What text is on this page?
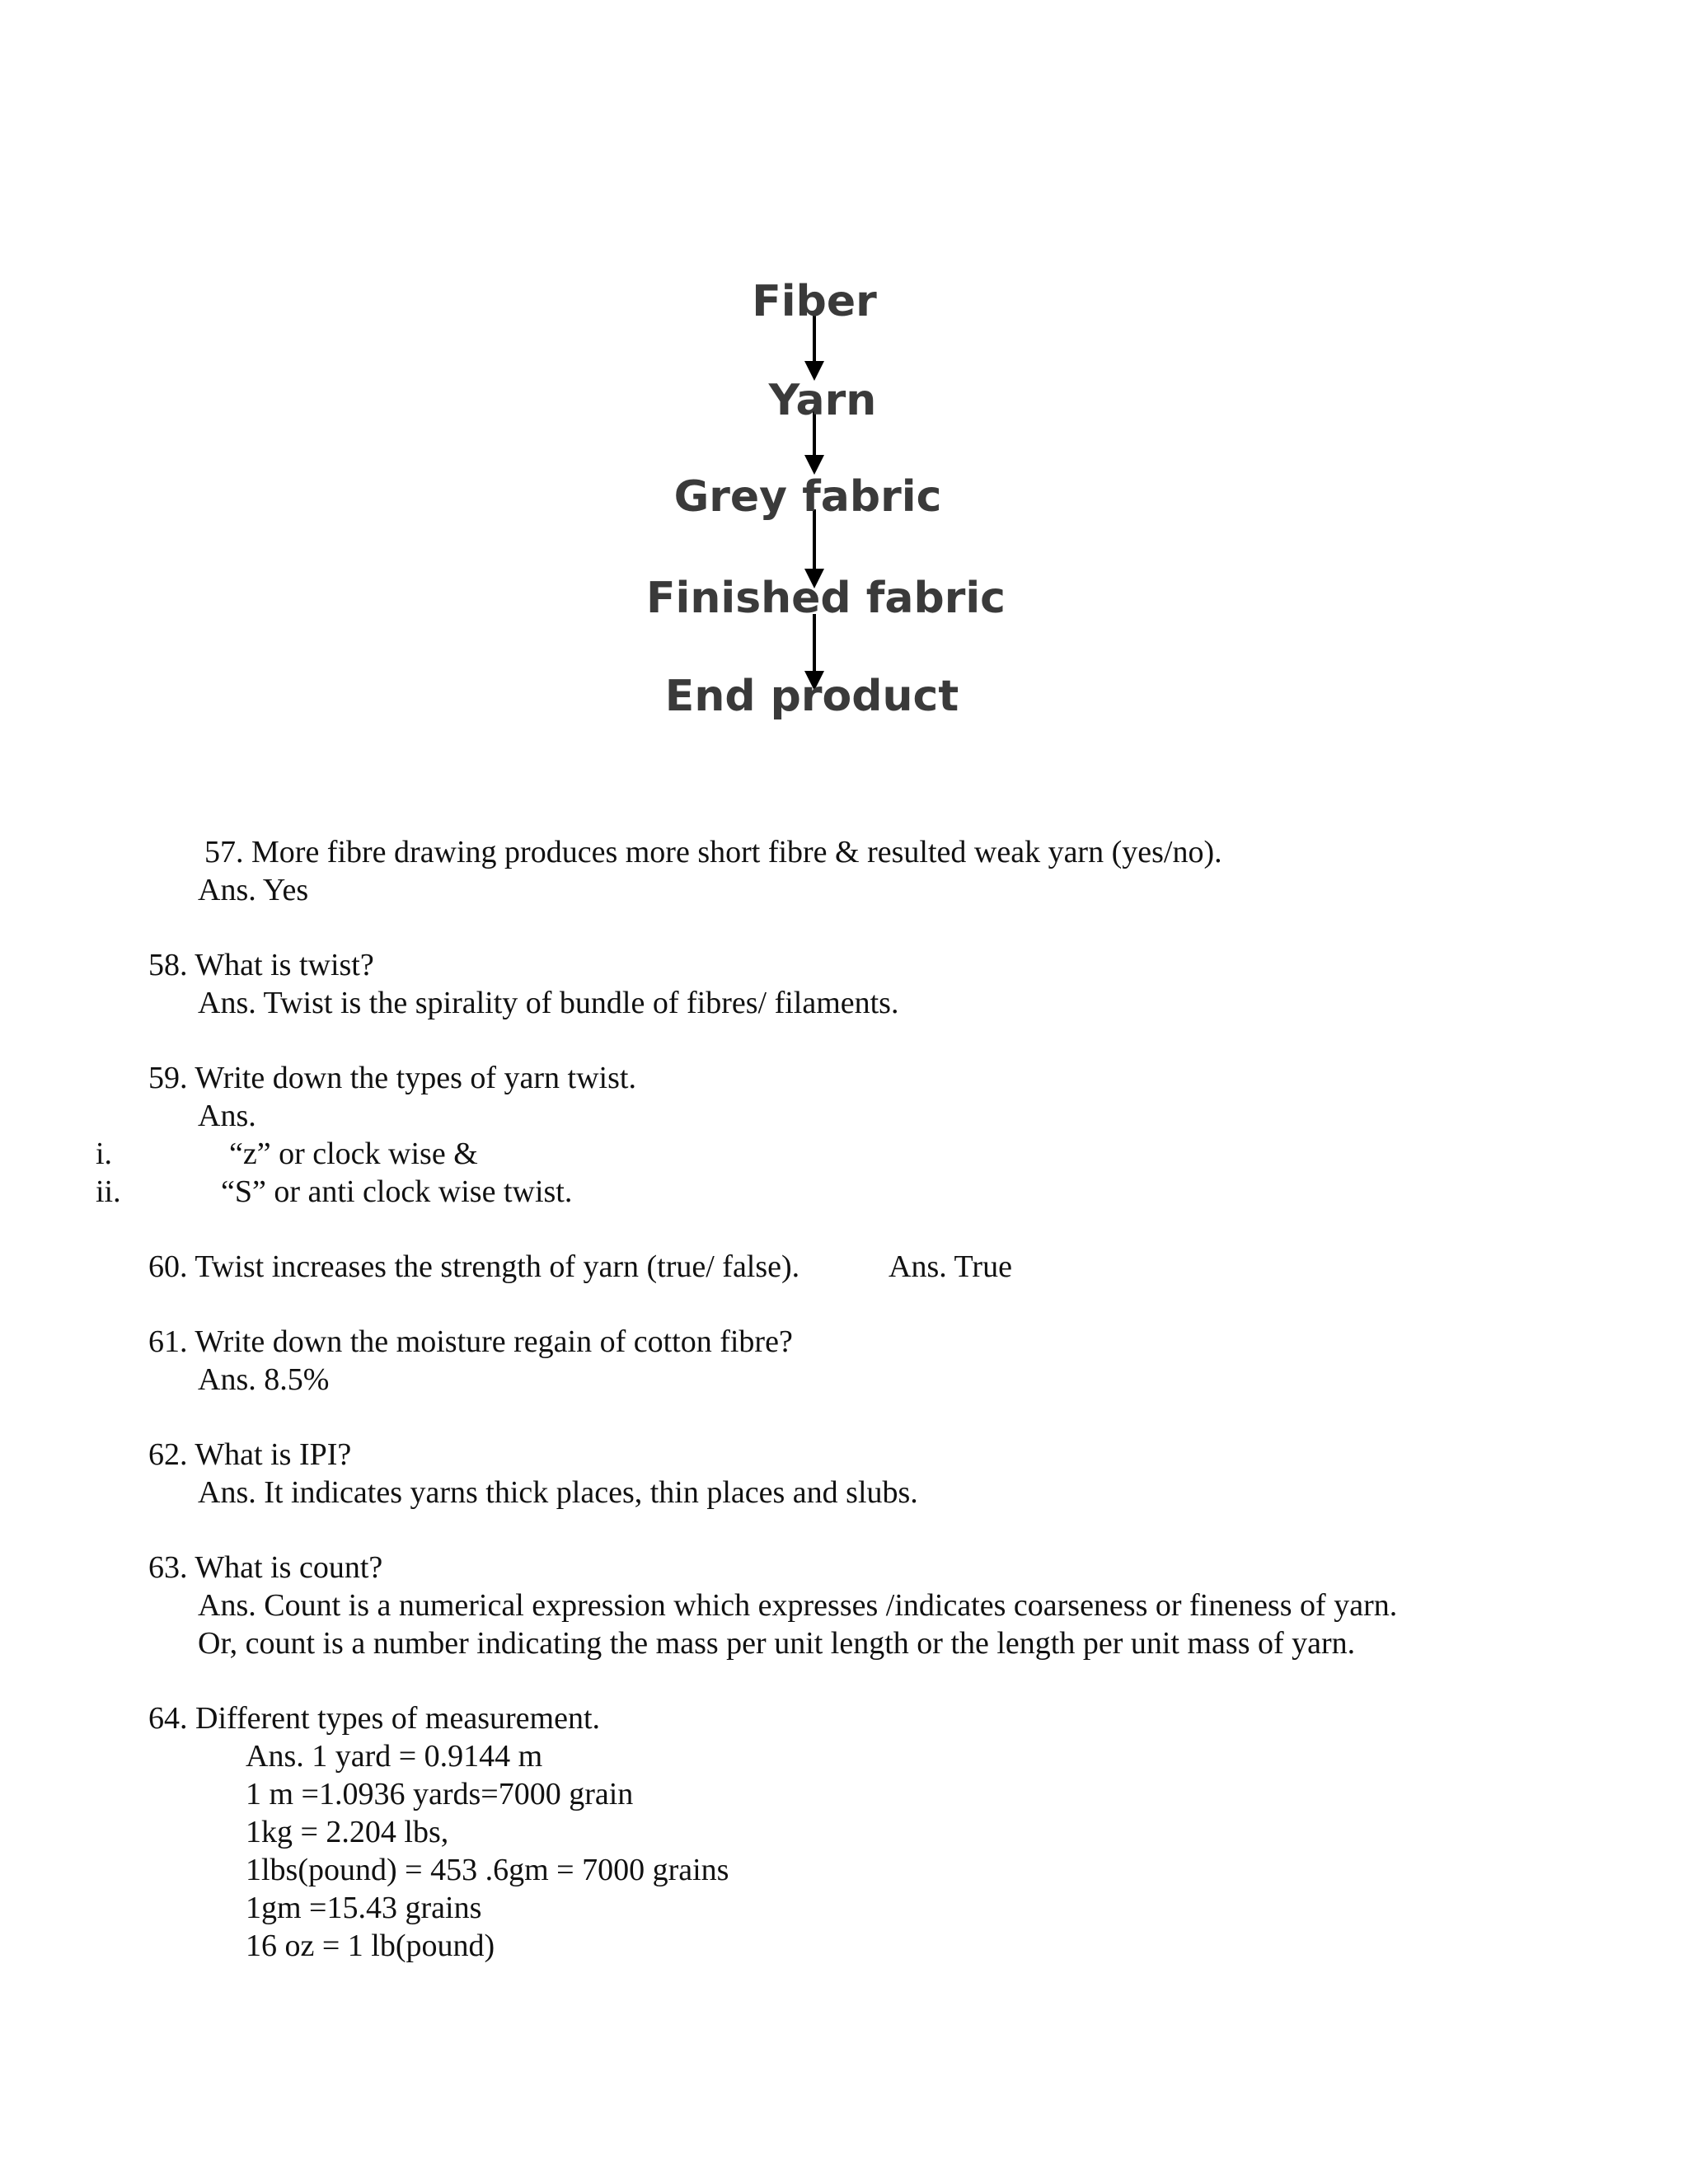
Fiber
Yarn
Grey fabric
Finished fabric
End product
57. More fibre drawing produces more short fibre & resulted weak yarn (yes/no).
Ans. Yes
58. What is twist?
Ans. Twist is the spirality of bundle of fibres/ filaments.
59. Write down the types of yarn twist.
Ans.
i.	“z” or clock wise &
ii.	“S” or anti clock wise twist.
60. Twist increases the strength of yarn (true/ false).	Ans. True
61. Write down the moisture regain of cotton fibre?
Ans. 8.5%
62. What is IPI?
Ans. It indicates yarns thick places, thin places and slubs.
63. What is count?
Ans. Count is a numerical expression which expresses /indicates coarseness or fineness of yarn.
Or, count is a number indicating the mass per unit length or the length per unit mass of yarn.
64. Different types of measurement.
Ans. 1 yard = 0.9144 m
1 m =1.0936 yards=7000 grain
1kg = 2.204 lbs,
1lbs(pound) = 453 .6gm = 7000 grains
1gm =15.43 grains
16 oz = 1 lb(pound)
